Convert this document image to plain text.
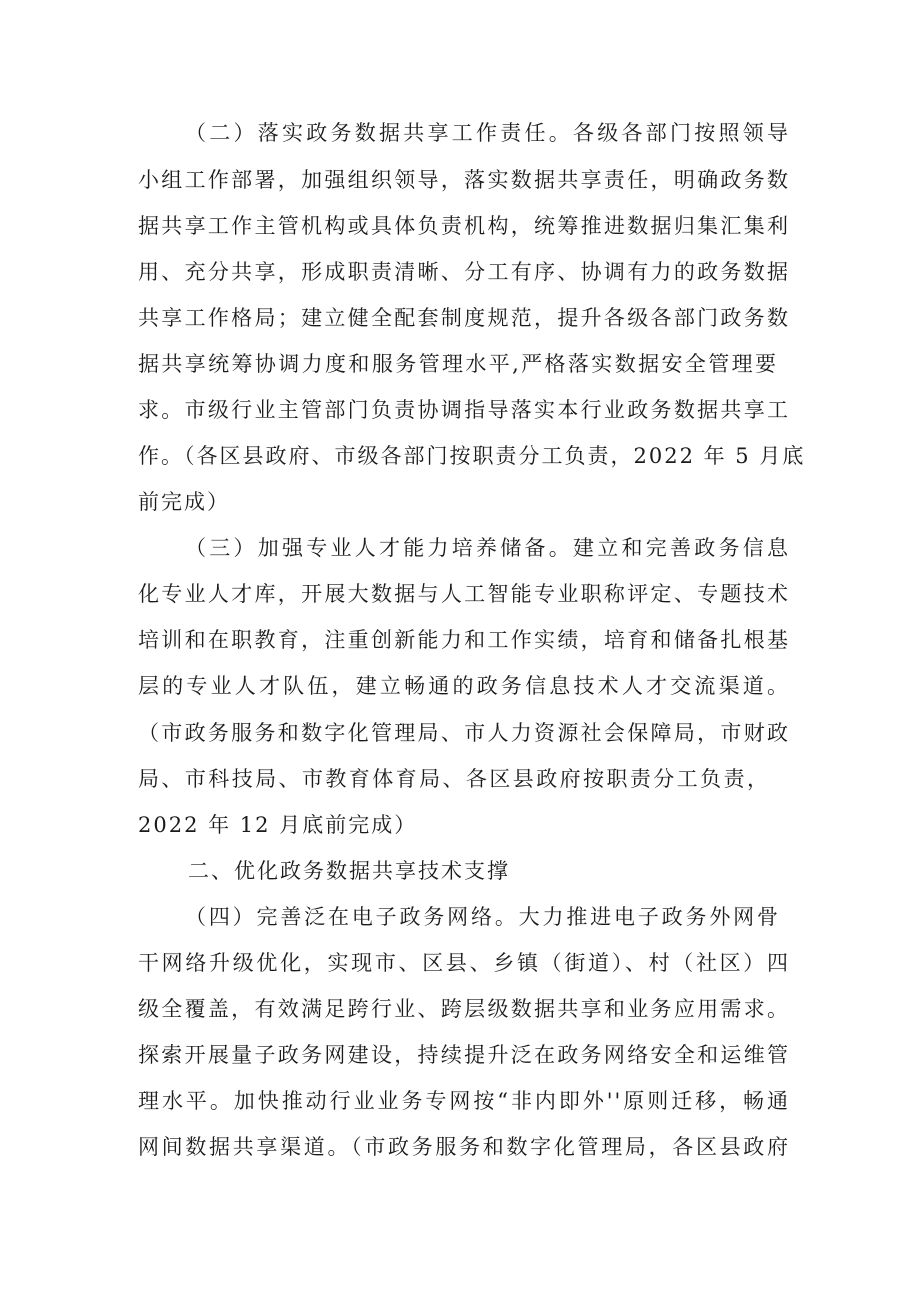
（二）落实政务数据共享工作责任。各级各部门按照领导
小组工作部署，加强组织领导，落实数据共享责任，明确政务数
据共享工作主管机构或具体负责机构，统筹推进数据归集汇集利
用、充分共享，形成职责清晰、分工有序、协调有力的政务数据
共享工作格局；建立健全配套制度规范，提升各级各部门政务数
据共享统筹协调力度和服务管理水平,严格落实数据安全管理要
求。市级行业主管部门负责协调指导落实本行业政务数据共享工
作。（各区县政府、市级各部门按职责分工负责，2022 年 5 月底
前完成）
（三）加强专业人才能力培养储备。建立和完善政务信息
化专业人才库，开展大数据与人工智能专业职称评定、专题技术
培训和在职教育，注重创新能力和工作实绩，培育和储备扎根基
层的专业人才队伍，建立畅通的政务信息技术人才交流渠道。
（市政务服务和数字化管理局、市人力资源社会保障局，市财政
局、市科技局、市教育体育局、各区县政府按职责分工负责，
2022 年 12 月底前完成）
二、优化政务数据共享技术支撑
（四）完善泛在电子政务网络。大力推进电子政务外网骨
干网络升级优化，实现市、区县、乡镇（街道）、村（社区）四
级全覆盖，有效满足跨行业、跨层级数据共享和业务应用需求。
探索开展量子政务网建设，持续提升泛在政务网络安全和运维管
理水平。加快推动行业业务专网按“非内即外''原则迁移，畅通
网间数据共享渠道。（市政务服务和数字化管理局，各区县政府
